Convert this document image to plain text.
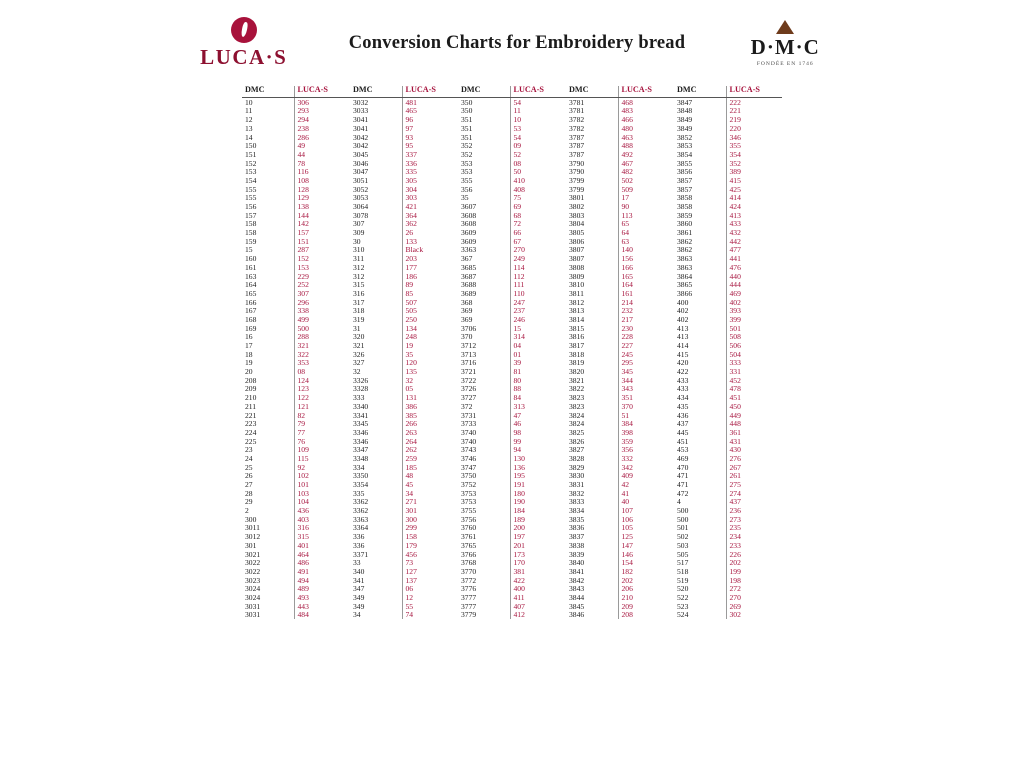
LUCA·S
Conversion Charts for Embroidery bread	D·M·C
FONDÉE EN 1746
DMC	LUCA-S	DMC	LUCA-S	DMC	LUCA-S	DMC	LUCA-S	DMC	LUCA-S
10	306	3032	481	350	54	3781	468	3847	222
11	293	3033	465	350	11	3781	483	3848	221
12	294	3041	96	351	10	3782	466	3849	219
13	238	3041	97	351	53	3782	480	3849	220
14	286	3042	93	351	54	3787	463	3852	346
150	49	3042	95	352	09	3787	488	3853	355
151	44	3045	337	352	52	3787	492	3854	354
152	78	3046	336	353	08	3790	467	3855	352
153	116	3047	335	353	50	3790	482	3856	389
154	108	3051	305	355	410	3799	502	3857	415
155	128	3052	304	356	408	3799	509	3857	425
155	129	3053	303	35	75	3801	17	3858	414
156	138	3064	421	3607	69	3802	90	3858	424
157	144	3078	364	3608	68	3803	113	3859	413
158	142	307	362	3608	72	3804	65	3860	433
158	157	309	26	3609	66	3805	64	3861	432
159	151	30	133	3609	67	3806	63	3862	442
15	287	310	Black	3363	270	3807	140	3862	477
160	152	311	203	367	249	3807	156	3863	441
161	153	312	177	3685	114	3808	166	3863	476
163	229	312	186	3687	112	3809	165	3864	440
164	252	315	89	3688	111	3810	164	3865	444
165	307	316	85	3689	110	3811	161	3866	469
166	296	317	507	368	247	3812	214	400	402
167	338	318	505	369	237	3813	232	402	393
168	499	319	250	369	246	3814	217	402	399
169	500	31	134	3706	15	3815	230	413	501
16	288	320	248	370	314	3816	228	413	508
17	321	321	19	3712	04	3817	227	414	506
18	322	326	35	3713	01	3818	245	415	504
19	353	327	120	3716	39	3819	295	420	333
20	08	32	135	3721	81	3820	345	422	331
208	124	3326	32	3722	80	3821	344	433	452
209	123	3328	05	3726	88	3822	343	433	478
210	122	333	131	3727	84	3823	351	434	451
211	121	3340	386	372	313	3823	370	435	450
221	82	3341	385	3731	47	3824	51	436	449
223	79	3345	266	3733	46	3824	384	437	448
224	77	3346	263	3740	98	3825	398	445	361
225	76	3346	264	3740	99	3826	359	451	431
23	109	3347	262	3743	94	3827	356	453	430
24	115	3348	259	3746	130	3828	332	469	276
25	92	334	185	3747	136	3829	342	470	267
26	102	3350	48	3750	195	3830	409	471	261
27	101	3354	45	3752	191	3831	42	471	275
28	103	335	34	3753	180	3832	41	472	274
29	104	3362	271	3753	190	3833	40	4	437
2	436	3362	301	3755	184	3834	107	500	236
300	403	3363	300	3756	189	3835	106	500	273
3011	316	3364	299	3760	200	3836	105	501	235
3012	315	336	158	3761	197	3837	125	502	234
301	401	336	179	3765	201	3838	147	503	233
3021	464	3371	456	3766	173	3839	146	505	226
3022	486	33	73	3768	170	3840	154	517	202
3022	491	340	127	3770	381	3841	182	518	199
3023	494	341	137	3772	422	3842	202	519	198
3024	489	347	06	3776	400	3843	206	520	272
3024	493	349	12	3777	411	3844	210	522	270
3031	443	349	55	3777	407	3845	209	523	269
3031	484	34	74	3779	412	3846	208	524	302
